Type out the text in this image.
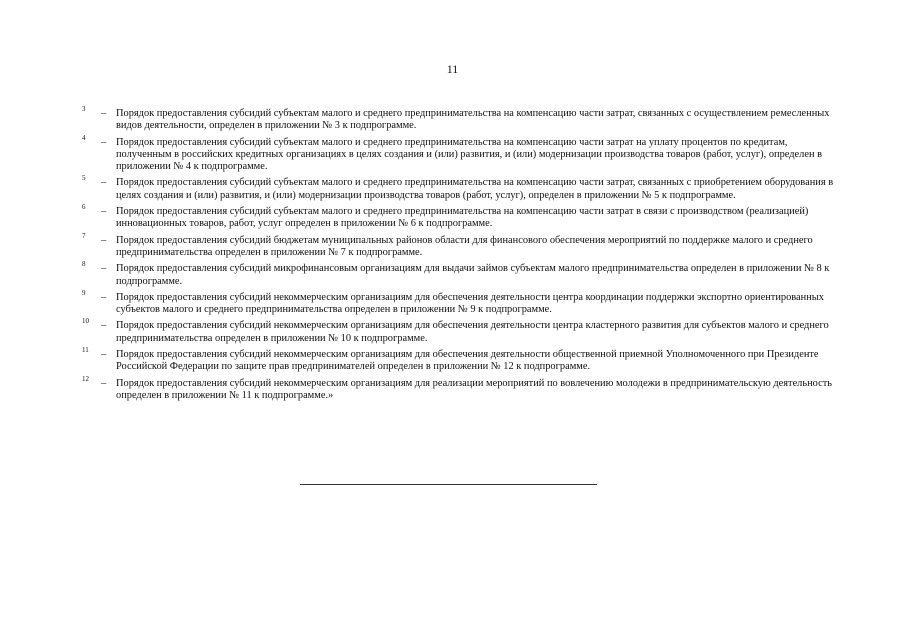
11
3 – Порядок предоставления субсидий субъектам малого и среднего предпринимательства на компенсацию части затрат, связанных с осуществлением ремесленных видов деятельности, определен в приложении № 3 к подпрограмме.
4 – Порядок предоставления субсидий субъектам малого и среднего предпринимательства на компенсацию части затрат на уплату процентов по кредитам, полученным в российских кредитных организациях в целях создания и (или) развития, и (или) модернизации производства товаров (работ, услуг), определен в приложении № 4 к подпрограмме.
5 – Порядок предоставления субсидий субъектам малого и среднего предпринимательства на компенсацию части затрат, связанных с приобретением оборудования в целях создания и (или) развития, и (или) модернизации производства товаров (работ, услуг), определен в приложении № 5 к подпрограмме.
6 – Порядок предоставления субсидий субъектам малого и среднего предпринимательства на компенсацию части затрат в связи с производством (реализацией) инновационных товаров, работ, услуг определен в приложении № 6 к подпрограмме.
7 – Порядок предоставления субсидий бюджетам муниципальных районов области для финансового обеспечения мероприятий по поддержке малого и среднего предпринимательства определен в приложении № 7 к подпрограмме.
8 – Порядок предоставления субсидий микрофинансовым организациям для выдачи займов субъектам малого предпринимательства определен в приложении № 8 к подпрограмме.
9 – Порядок предоставления субсидий некоммерческим организациям для обеспечения деятельности центра координации поддержки экспортно ориентированных субъектов малого и среднего предпринимательства определен в приложении № 9 к подпрограмме.
10 – Порядок предоставления субсидий некоммерческим организациям для обеспечения деятельности центра кластерного развития для субъектов малого и среднего предпринимательства определен в приложении № 10 к подпрограмме.
11 – Порядок предоставления субсидий некоммерческим организациям для обеспечения деятельности общественной приемной Уполномоченного при Президенте Российской Федерации по защите прав предпринимателей определен в приложении № 12 к подпрограмме.
12 – Порядок предоставления субсидий некоммерческим организациям для реализации мероприятий по вовлечению молодежи в предпринимательскую деятельность определен в приложении № 11 к подпрограмме.»
